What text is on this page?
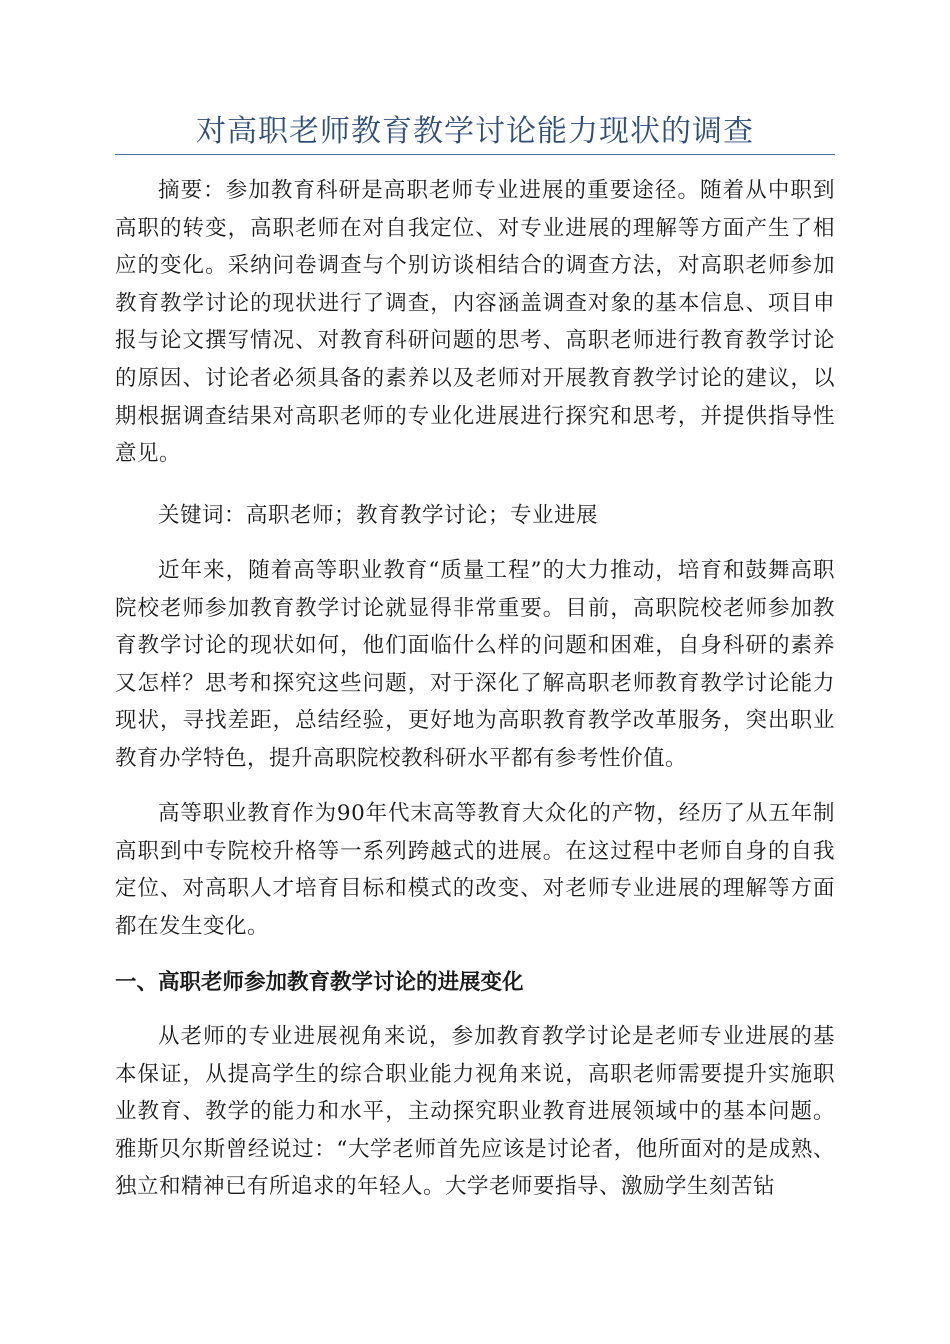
对高职老师教育教学讨论能力现状的调查

摘要：参加教育科研是高职老师专业进展的重要途径。随着从中职到高职的转变，高职老师在对自我定位、对专业进展的理解等方面产生了相应的变化。采纳问卷调查与个别访谈相结合的调查方法，对高职老师参加教育教学讨论的现状进行了调查，内容涵盖调查对象的基本信息、项目申报与论文撰写情况、对教育科研问题的思考、高职老师进行教育教学讨论的原因、讨论者必须具备的素养以及老师对开展教育教学讨论的建议，以期根据调查结果对高职老师的专业化进展进行探究和思考，并提供指导性意见。

关键词：高职老师；教育教学讨论；专业进展

近年来，随着高等职业教育“质量工程”的大力推动，培育和鼓舞高职院校老师参加教育教学讨论就显得非常重要。目前，高职院校老师参加教育教学讨论的现状如何，他们面临什么样的问题和困难，自身科研的素养又怎样？思考和探究这些问题，对于深化了解高职老师教育教学讨论能力现状，寻找差距，总结经验，更好地为高职教育教学改革服务，突出职业教育办学特色，提升高职院校教科研水平都有参考性价值。

高等职业教育作为90年代末高等教育大众化的产物，经历了从五年制高职到中专院校升格等一系列跨越式的进展。在这过程中老师自身的自我定位、对高职人才培育目标和模式的改变、对老师专业进展的理解等方面都在发生变化。

一、高职老师参加教育教学讨论的进展变化

从老师的专业进展视角来说，参加教育教学讨论是老师专业进展的基本保证，从提高学生的综合职业能力视角来说，高职老师需要提升实施职业教育、教学的能力和水平，主动探究职业教育进展领域中的基本问题。雅斯贝尔斯曾经说过：“大学老师首先应该是讨论者，他所面对的是成熟、独立和精神已有所追求的年轻人。大学老师要指导、激励学生刻苦钻
